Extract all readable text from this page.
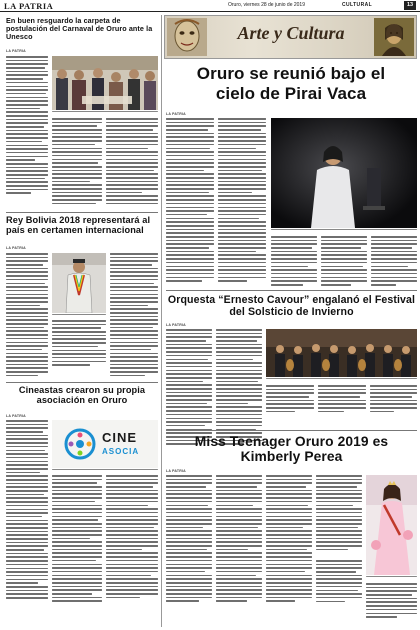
LA PATRIA	Oruro, viernes 28 de junio de 2019	CULTURAL	13
Arte y Cultura
En buen resguardo la carpeta de postulación del Carnaval de Oruro ante la Unesco
LA PATRIA
Rey Bolivia 2018 representará al país en certamen internacional
LA PATRIA
Cineastas crearon su propia asociación en Oruro
LA PATRIA
CINE
ASOCIA
Oruro se reunió bajo el cielo de Pirai Vaca
LA PATRIA
Orquesta “Ernesto Cavour” engalanó el Festival del Solsticio de Invierno
LA PATRIA
Miss Teenager Oruro 2019 es Kimberly Perea
LA PATRIA
